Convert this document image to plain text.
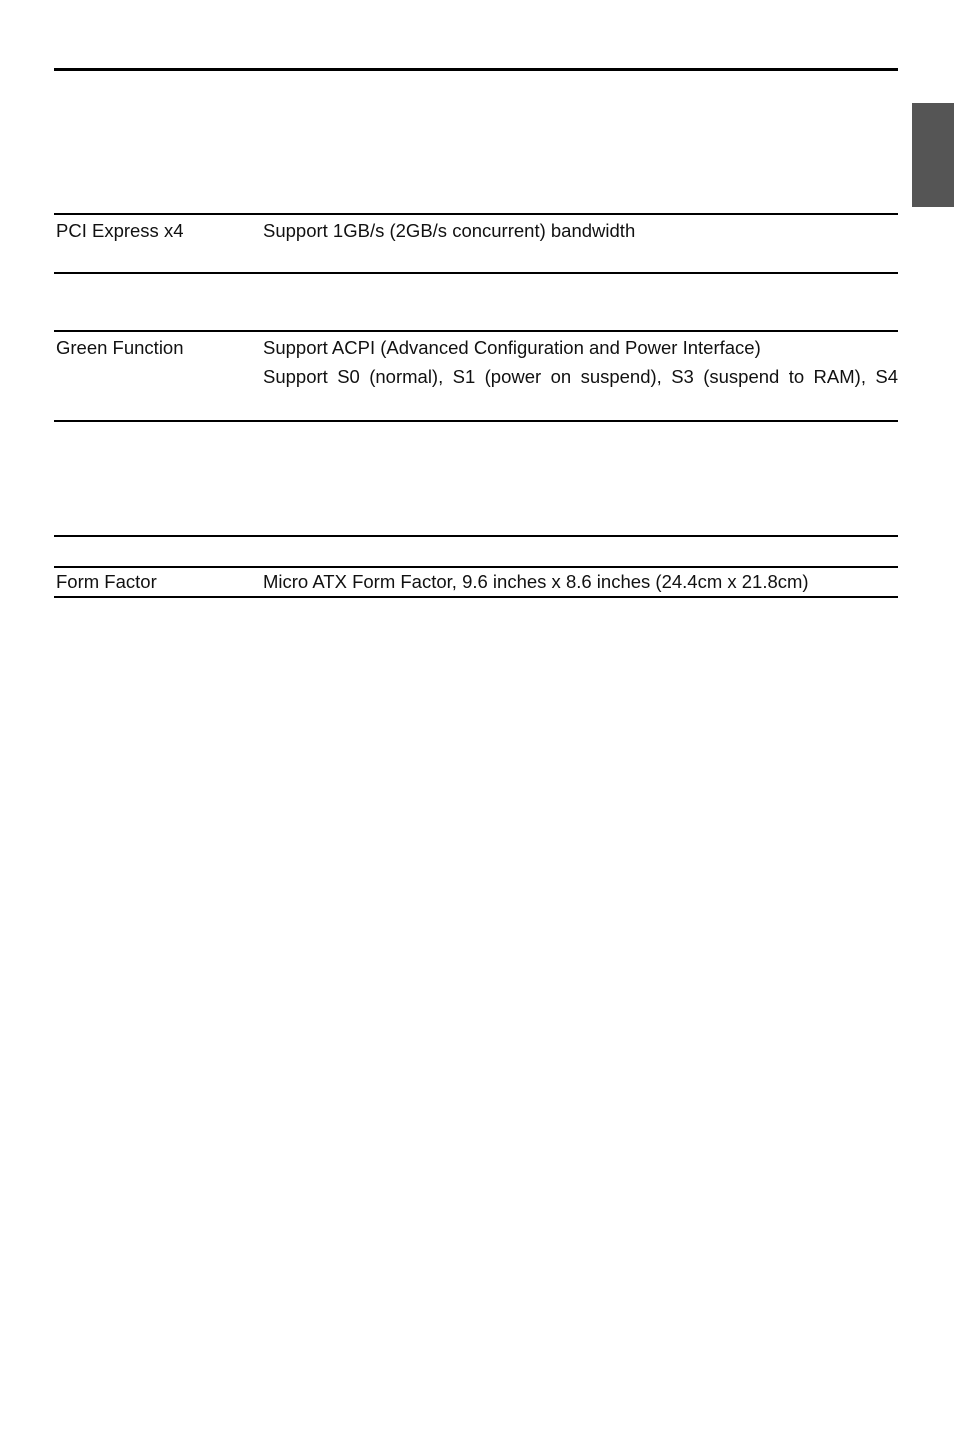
PCI Express x4	Support 1GB/s (2GB/s concurrent) bandwidth
Green Function	Support ACPI (Advanced Configuration and Power Interface)
Support S0 (normal), S1 (power on suspend), S3 (suspend to RAM), S4
Form Factor	Micro ATX Form Factor, 9.6 inches x 8.6 inches (24.4cm x 21.8cm)
